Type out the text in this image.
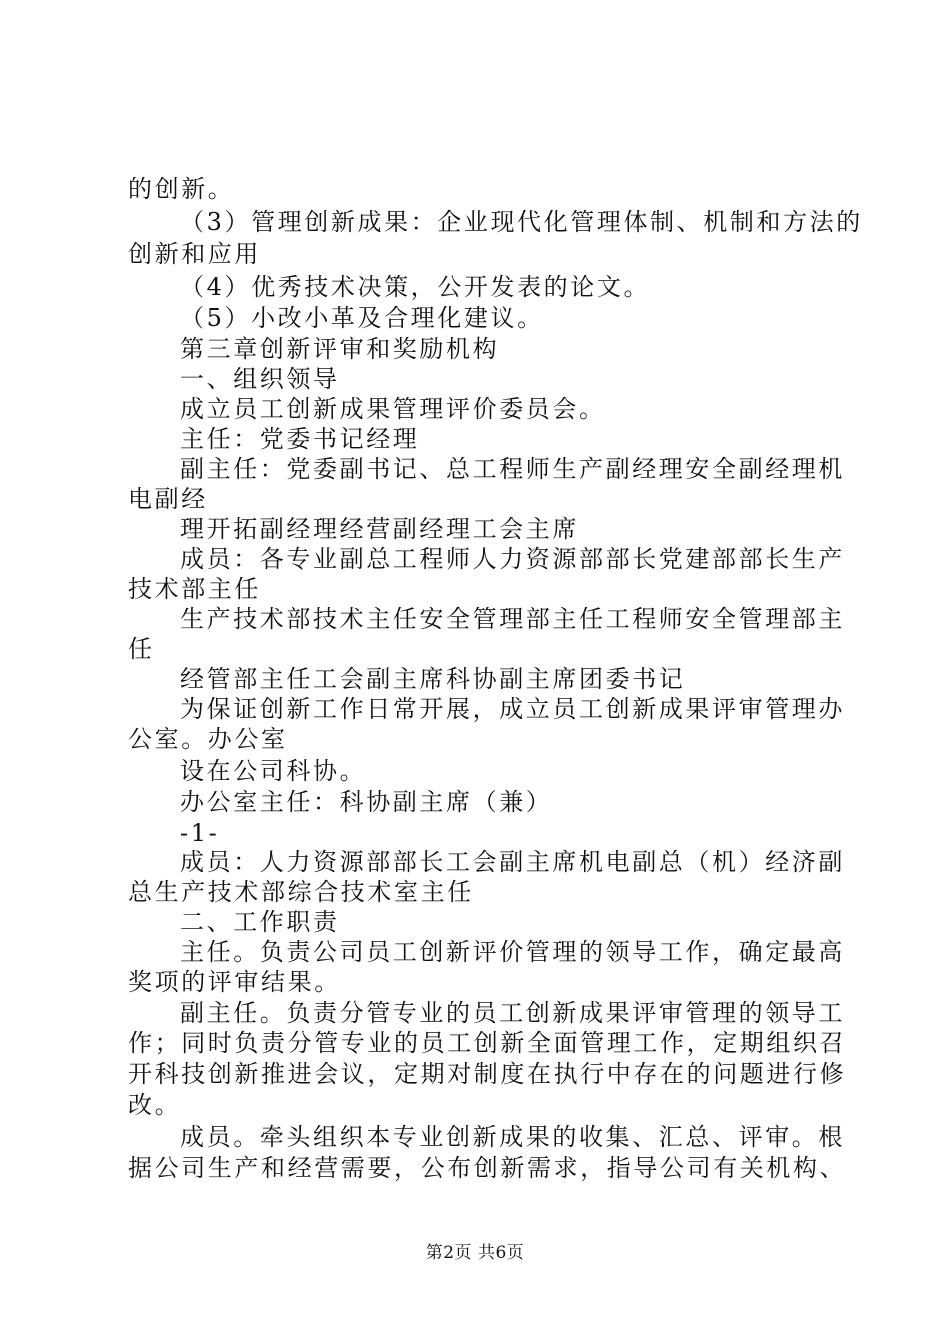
的创新。
（3）管理创新成果：企业现代化管理体制、机制和方法的
创新和应用
（4）优秀技术决策，公开发表的论文。
（5）小改小革及合理化建议。
第三章创新评审和奖励机构
一、组织领导
成立员工创新成果管理评价委员会。
主任：党委书记经理
副主任：党委副书记、总工程师生产副经理安全副经理机
电副经
理开拓副经理经营副经理工会主席
成员：各专业副总工程师人力资源部部长党建部部长生产
技术部主任
生产技术部技术主任安全管理部主任工程师安全管理部主
任
经管部主任工会副主席科协副主席团委书记
为保证创新工作日常开展，成立员工创新成果评审管理办
公室。办公室
设在公司科协。
办公室主任：科协副主席（兼）
-1-
成员：人力资源部部长工会副主席机电副总（机）经济副
总生产技术部综合技术室主任
二、工作职责
主任。负责公司员工创新评价管理的领导工作，确定最高
奖项的评审结果。
副主任。负责分管专业的员工创新成果评审管理的领导工
作；同时负责分管专业的员工创新全面管理工作，定期组织召
开科技创新推进会议，定期对制度在执行中存在的问题进行修
改。
成员。牵头组织本专业创新成果的收集、汇总、评审。根
据公司生产和经营需要，公布创新需求，指导公司有关机构、
第2页 共6页
